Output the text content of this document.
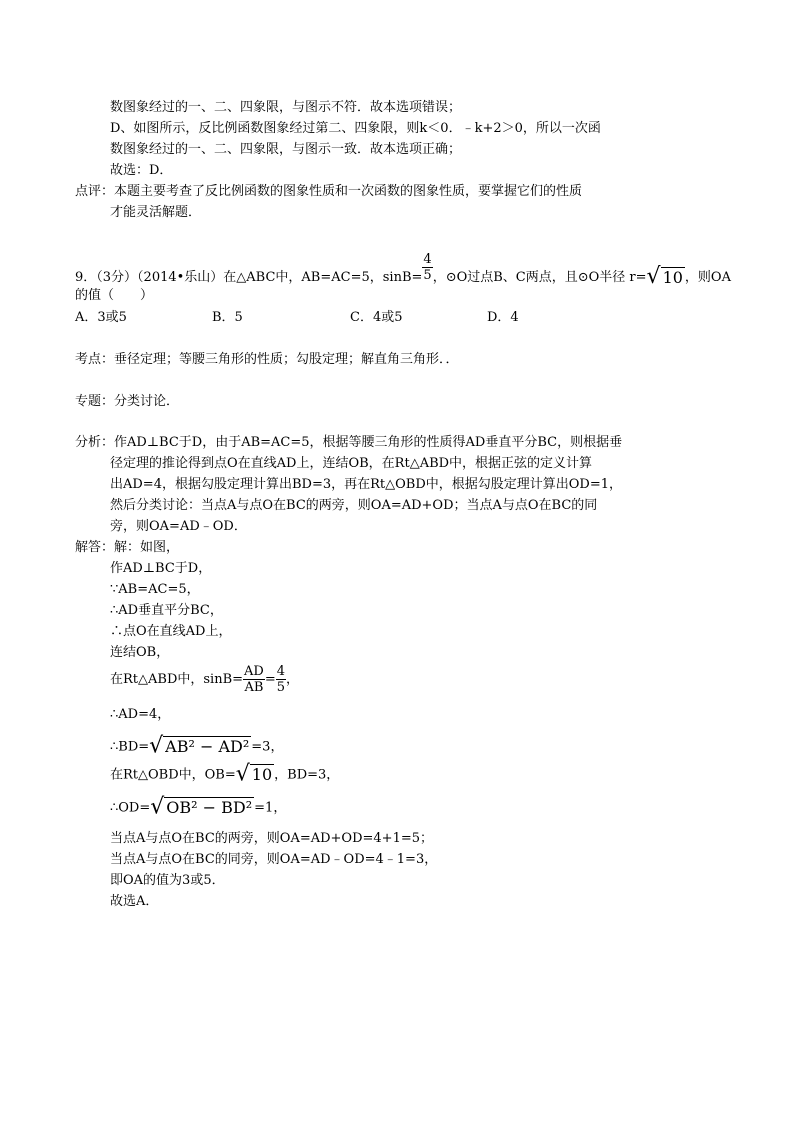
数图象经过的一、二、四象限，与图示不符．故本选项错误；
D、如图所示，反比例函数图象经过第二、四象限，则k＜0．﹣k+2＞0，所以一次函
数图象经过的一、二、四象限，与图示一致．故本选项正确；
故选：D．
点评：本题主要考查了反比例函数的图象性质和一次函数的图象性质，要掌握它们的性质
才能灵活解题．
9．（3分）（2014•乐山）在△ABC中，AB=AC=5，$\sin B= \frac{4}{5}$ ，⊙O过点B、C两点，且⊙O半径 r=√ 10 ，则OA
的值（　　）
A．3或5	B．5	C．4或5	D．4
考点：垂径定理；等腰三角形的性质；勾股定理；解直角三角形．．
专题：分类讨论．
分析：作AD⊥BC于D，由于AB=AC=5，根据等腰三角形的性质得AD垂直平分BC，则根据垂
径定理的推论得到点O在直线AD上，连结OB，在Rt△ABD中，根据正弦的定义计算
出AD=4，根据勾股定理计算出BD=3，再在Rt△OBD中，根据勾股定理计算出OD=1，
然后分类讨论：当点A与点O在BC的两旁，则OA=AD+OD；当点A与点O在BC的同
旁，则OA=AD﹣OD．
解答：解：如图，
作AD⊥BC于D，
∵AB=AC=5，
∴AD垂直平分BC，
∴点O在直线AD上，
连结OB，
在Rt△ABD中，$\sin B= \frac{AD}{AB} = \frac{4}{5}$ ，
∴AD=4，
∴BD=√ AB² − AD² =3，
在Rt△OBD中，OB=√ 10 ，BD=3，
∴OD=√ OB² − BD² =1，
当点A与点O在BC的两旁，则OA=AD+OD=4+1=5；
当点A与点O在BC的同旁，则OA=AD﹣OD=4﹣1=3，
即OA的值为3或5．
故选A．
